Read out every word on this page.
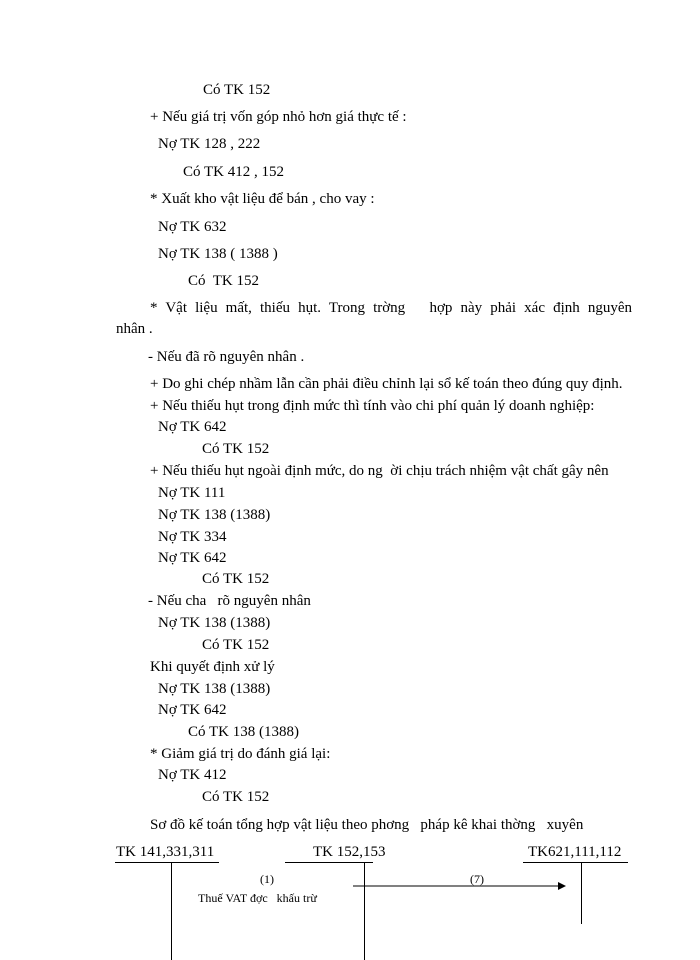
Có TK 152
+ Nếu giá trị vốn góp nhỏ hơn giá thực tế :
Nợ TK 128 , 222
Có TK 412 , 152
* Xuất kho vật liệu để bán , cho vay :
Nợ TK 632
Nợ TK 138 ( 1388 )
Có  TK 152
* Vật liệu mất, thiếu hụt. Trong trờng   hợp này phải xác định nguyên
nhân .
- Nếu đã rõ nguyên nhân .
+ Do ghi chép nhầm lẫn cần phải điều chỉnh lại sổ kế toán theo đúng quy định.
+ Nếu thiếu hụt trong định mức thì tính vào chi phí quản lý doanh nghiệp:
Nợ TK 642
Có TK 152
+ Nếu thiếu hụt ngoài định mức, do ng  ời chịu trách nhiệm vật chất gây nên
Nợ TK 111
Nợ TK 138 (1388)
Nợ TK 334
Nợ TK 642
Có TK 152
- Nếu cha   rõ nguyên nhân
Nợ TK 138 (1388)
Có TK 152
Khi quyết định xử lý
Nợ TK 138 (1388)
Nợ TK 642
Có TK 138 (1388)
* Giảm giá trị do đánh giá lại:
Nợ TK 412
Có TK 152
Sơ đồ kế toán tổng hợp vật liệu theo phơng   pháp kê khai thờng   xuyên
TK 141,331,311	TK 152,153	TK621,111,112
(1)
Thuế VAT đợc   khấu trừ
(7)
